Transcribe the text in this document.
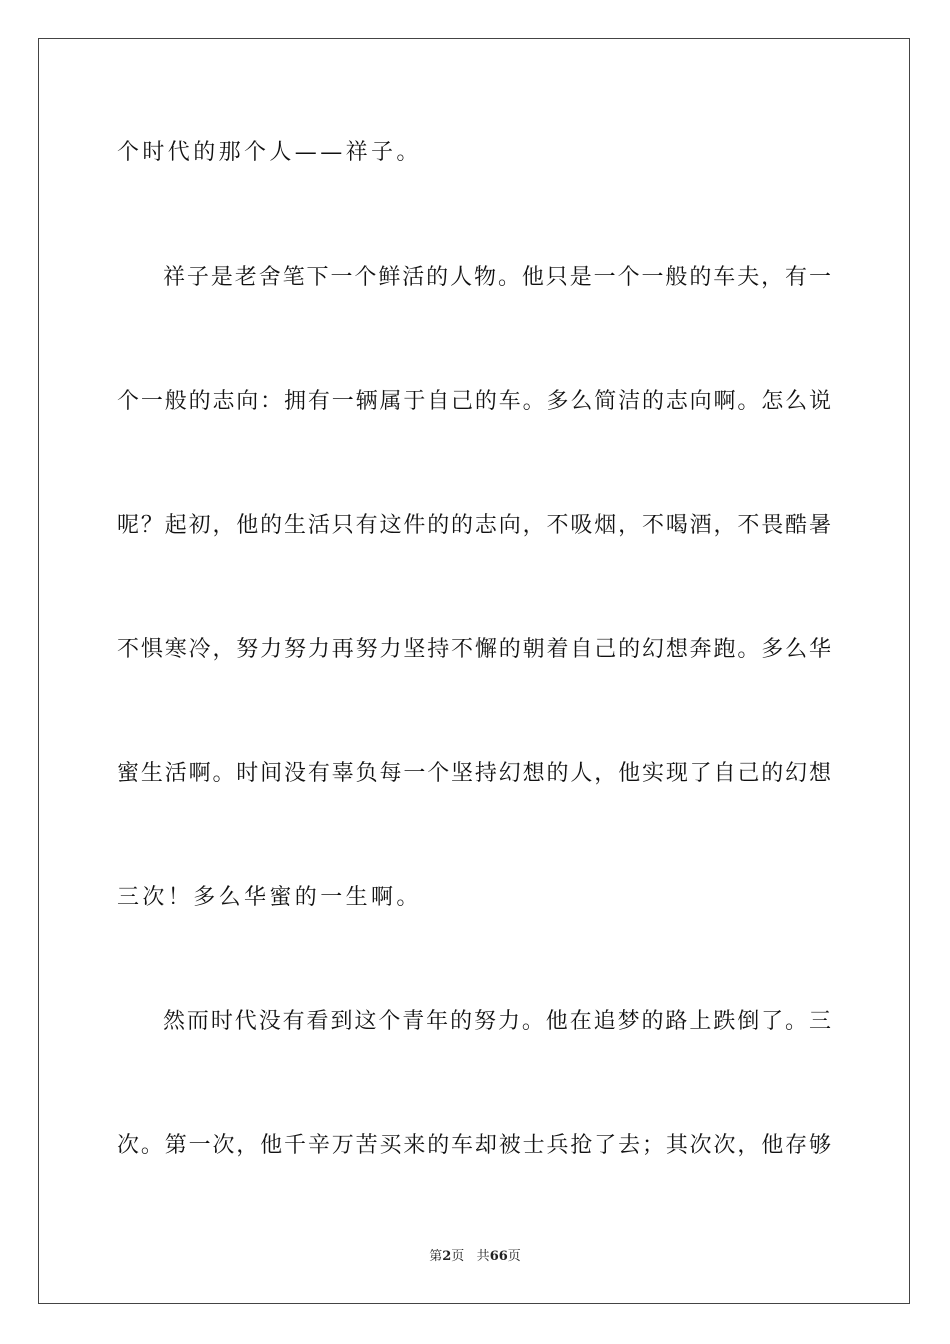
个时代的那个人——祥子。
祥子是老舍笔下一个鲜活的人物。他只是一个一般的车夫，有一
个一般的志向：拥有一辆属于自己的车。多么简洁的志向啊。怎么说
呢？起初，他的生活只有这件的的志向，不吸烟，不喝酒，不畏酷暑
不惧寒冷，努力努力再努力坚持不懈的朝着自己的幻想奔跑。多么华
蜜生活啊。时间没有辜负每一个坚持幻想的人，他实现了自己的幻想
三次！多么华蜜的一生啊。
然而时代没有看到这个青年的努力。他在追梦的路上跌倒了。三
次。第一次，他千辛万苦买来的车却被士兵抢了去；其次次，他存够
第2页 共66页
